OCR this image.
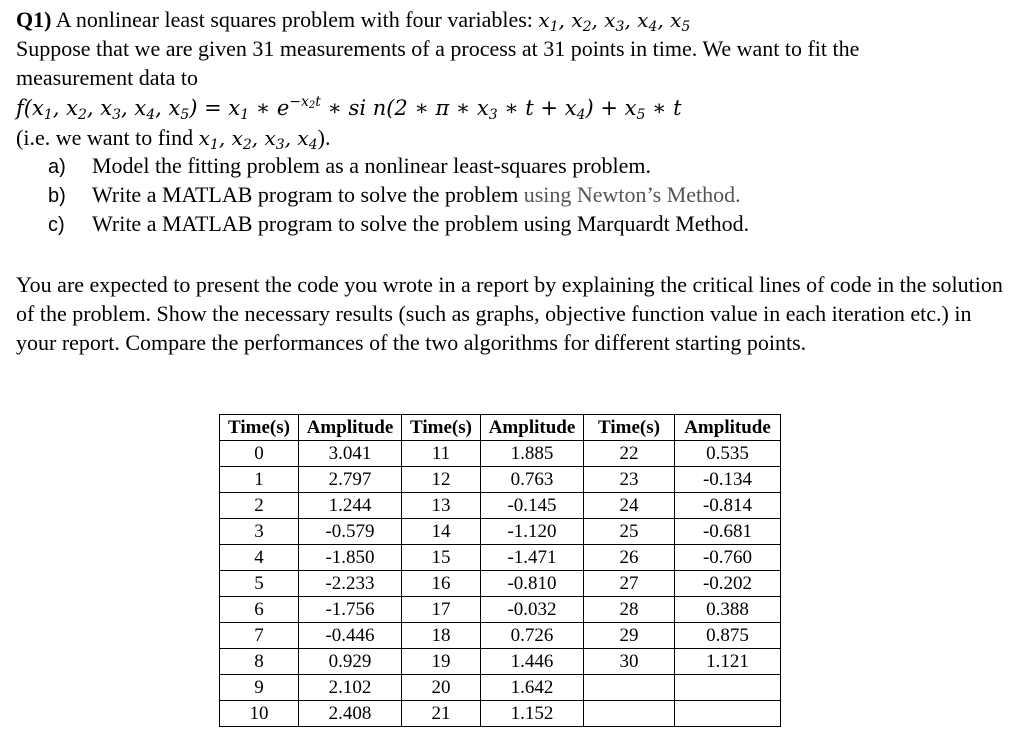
Q1) A nonlinear least squares problem with four variables: $x_1$, $x_2$, $x_3$, $x_4$, $x_5$
Suppose that we are given 31 measurements of a process at 31 points in time. We want to fit the
measurement data to
$f(x_1$, $x_2$, $x_3$, $x_4$, $x_5) = x_1$ ∗ $e^{-x_2t}$ ∗ si n(2 ∗ π ∗ $x_3$ ∗ $t + x_4) + x_5$ ∗ t
(i.e. we want to find $x_1$, $x_2$, $x_3$, $x_4$).
a) Model the fitting problem as a nonlinear least-squares problem.
b) Write a MATLAB program to solve the problem using Newton’s Method.
c) Write a MATLAB program to solve the problem using Marquardt Method.
You are expected to present the code you wrote in a report by explaining the critical lines of code in the solution of the problem. Show the necessary results (such as graphs, objective function value in each iteration etc.) in your report. Compare the performances of the two algorithms for different starting points.
Time(s)	Amplitude	Time(s)	Amplitude	Time(s)	Amplitude
0	3.041	11	1.885	22	0.535
1	2.797	12	0.763	23	-0.134
2	1.244	13	-0.145	24	-0.814
3	-0.579	14	-1.120	25	-0.681
4	-1.850	15	-1.471	26	-0.760
5	-2.233	16	-0.810	27	-0.202
6	-1.756	17	-0.032	28	0.388
7	-0.446	18	0.726	29	0.875
8	0.929	19	1.446	30	1.121
9	2.102	20	1.642		
10	2.408	21	1.152		
